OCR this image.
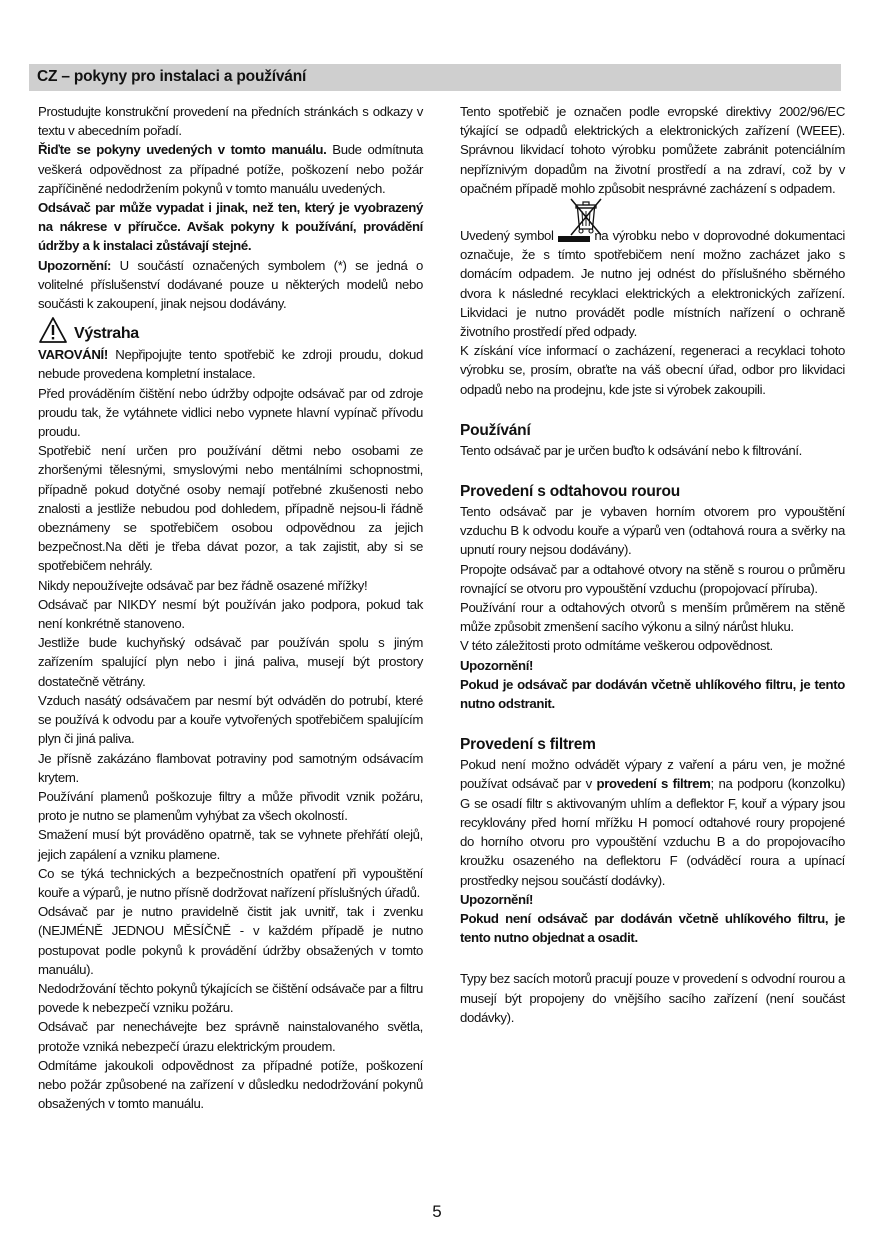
CZ – pokyny pro instalaci a používání

Prostudujte konstrukční provedení na předních stránkách s odkazy v textu v abecedním pořadí.

Řiďte se pokyny uvedených v tomto manuálu. Bude odmítnuta veškerá odpovědnost za případné potíže, poškození nebo požár zapříčiněné nedodržením pokynů v tomto manuálu uvedených.

Odsávač par může vypadat i jinak, než ten, který je vyobrazený na nákrese v příručce. Avšak pokyny k používání, provádění údržby a k instalaci zůstávají stejné.

Upozornění: U součástí označených symbolem (*) se jedná o volitelné příslušenství dodávané pouze u některých modelů nebo součásti k zakoupení, jinak nejsou dodávány.

Výstraha

VAROVÁNÍ! Nepřipojujte tento spotřebič ke zdroji proudu, dokud nebude provedena kompletní instalace.

Před prováděním čištění nebo údržby odpojte odsávač par od zdroje proudu tak, že vytáhnete vidlici nebo vypnete hlavní vypínač přívodu proudu.

Spotřebič není určen pro používání dětmi nebo osobami ze zhoršenými tělesnými, smyslovými nebo mentálními schopnostmi, případně pokud dotyčné osoby nemají potřebné zkušenosti nebo znalosti a jestliže nebudou pod dohledem, případně nejsou-li řádně obeznámeny se spotřebičem osobou odpovědnou za jejich bezpečnost.Na děti je třeba dávat pozor, a tak zajistit, aby si se spotřebičem nehrály.

Nikdy nepoužívejte odsávač par bez řádně osazené mřížky!

Odsávač par NIKDY nesmí být používán jako podpora, pokud tak není konkrétně stanoveno.

Jestliže bude kuchyňský odsávač par používán spolu s jiným zařízením spalující plyn nebo i jiná paliva, musejí být prostory dostatečně větrány.

Vzduch nasátý odsávačem par nesmí být odváděn do potrubí, které se používá k odvodu par a kouře vytvořených spotřebičem spalujícím plyn či jiná paliva.

Je přísně zakázáno flambovat potraviny pod samotným odsávacím krytem.

Používání plamenů poškozuje filtry a může přivodit vznik požáru, proto je nutno se plamenům vyhýbat za všech okolností.

Smažení musí být prováděno opatrně, tak se vyhnete přehřátí olejů, jejich zapálení a vzniku plamene.

Co se týká technických a bezpečnostních opatření při vypouštění kouře a výparů, je nutno přísně dodržovat nařízení příslušných úřadů.

Odsávač par je nutno pravidelně čistit jak uvnitř, tak i zvenku (NEJMÉNĚ JEDNOU MĚSÍČNĚ - v každém případě je nutno postupovat podle pokynů k provádění údržby obsažených v tomto manuálu).

Nedodržování těchto pokynů týkajících se čištění odsávače par a filtru povede k nebezpečí vzniku požáru.

Odsávač par nenechávejte bez správně nainstalovaného světla, protože vzniká nebezpečí úrazu elektrickým proudem.

Odmítáme jakoukoli odpovědnost za případné potíže, poškození nebo požár způsobené na zařízení v důsledku nedodržování pokynů obsažených v tomto manuálu.

Tento spotřebič je označen podle evropské direktivy 2002/96/EC týkající se odpadů elektrických a elektronických zařízení (WEEE). Správnou likvidací tohoto výrobku pomůžete zabránit potenciálním nepříznivým dopadům na životní prostředí a na zdraví, což by v opačném případě mohlo způsobit nesprávné zacházení s odpadem.

Uvedený symbol  na výrobku nebo v doprovodné dokumentaci označuje, že s tímto spotřebičem není možno zacházet jako s domácím odpadem. Je nutno jej odnést do příslušného sběrného dvora k následné recyklaci elektrických a elektronických zařízení. Likvidaci je nutno provádět podle místních nařízení o ochraně životního prostředí před odpady.

K získání více informací o zacházení, regeneraci a recyklaci tohoto výrobku se, prosím, obraťte na váš obecní úřad, odbor pro likvidaci odpadů nebo na prodejnu, kde jste si výrobek zakoupili.

Používání

Tento odsávač par je určen buďto k odsávání nebo k filtrování.

Provedení s odtahovou rourou

Tento odsávač par je vybaven horním otvorem pro vypouštění vzduchu B k odvodu kouře a výparů ven (odtahová roura a svěrky na upnutí roury nejsou dodávány).

Propojte odsávač par a odtahové otvory na stěně s rourou o průměru rovnající se otvoru pro vypouštění vzduchu (propojovací příruba).

Používání rour a odtahových otvorů s menším průměrem na stěně může způsobit zmenšení sacího výkonu a silný nárůst hluku.

V této záležitosti proto odmítáme veškerou odpovědnost.

Upozornění!

Pokud je odsávač par dodáván včetně uhlíkového filtru, je tento nutno odstranit.

Provedení s filtrem

Pokud není možno odvádět výpary z vaření a páru ven, je možné používat odsávač par v provedení s filtrem; na podporu (konzolku) G se osadí filtr s aktivovaným uhlím a deflektor F, kouř a výpary jsou recyklovány před horní mřížku H pomocí odtahové roury propojené do horního otvoru pro vypouštění vzduchu B a do propojovacího kroužku osazeného na deflektoru F (odváděcí roura a upínací prostředky nejsou součástí dodávky).

Upozornění!

Pokud není odsávač par dodáván včetně uhlíkového filtru, je tento nutno objednat a osadit.

Typy bez sacích motorů pracují pouze v provedení s odvodní rourou a musejí být propojeny do vnějšího sacího zařízení (není součást dodávky).

5
